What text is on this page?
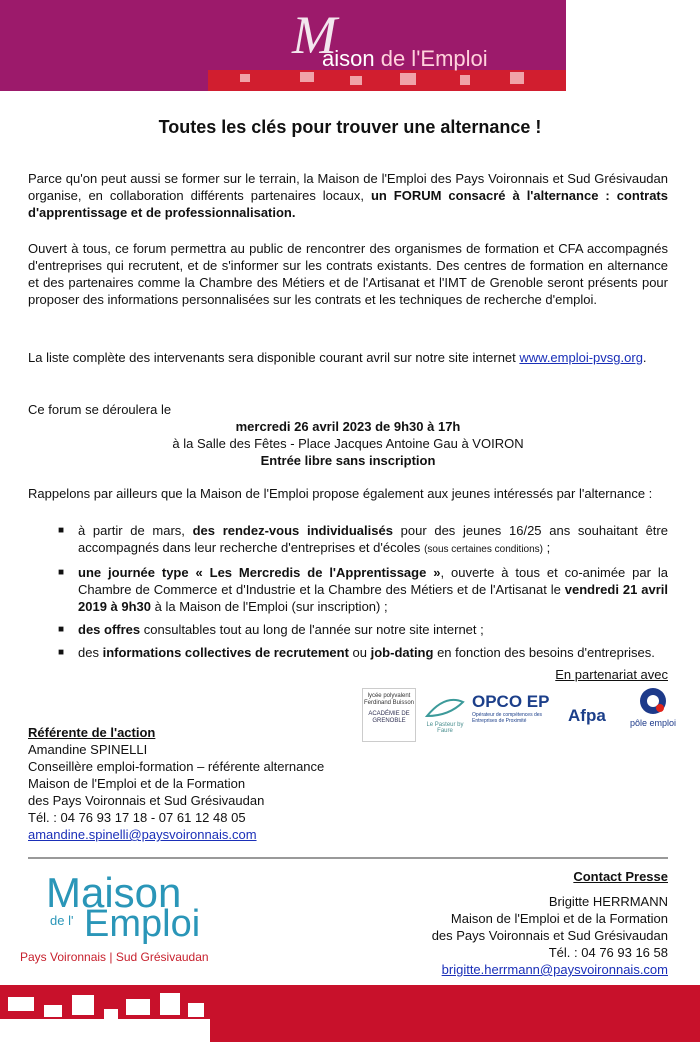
M
aison de l'Emploi
Toutes les clés pour trouver une alternance !

Parce qu'on peut aussi se former sur le terrain, la Maison de l'Emploi des Pays Voironnais et Sud Grésivaudan organise, en collaboration différents partenaires locaux, un FORUM consacré à l'alternance : contrats d'apprentissage et de professionnalisation.

Ouvert à tous, ce forum permettra au public de rencontrer des organismes de formation et CFA accompagnés d'entreprises qui recrutent, et de s'informer sur les contrats existants. Des centres de formation en alternance et des partenaires comme la Chambre des Métiers et de l'Artisanat et l'IMT de Grenoble seront présents pour proposer des informations personnalisées sur les contrats et les techniques de recherche d'emploi.

La liste complète des intervenants sera disponible courant avril sur notre site internet www.emploi-pvsg.org.

Ce forum se déroulera le

mercredi 26 avril 2023 de 9h30 à 17h
à la Salle des Fêtes - Place Jacques Antoine Gau à VOIRON
Entrée libre sans inscription

Rappelons par ailleurs que la Maison de l'Emploi propose également aux jeunes intéressés par l'alternance :

■ à partir de mars, des rendez-vous individualisés pour des jeunes 16/25 ans souhaitant être accompagnés dans leur recherche d'entreprises et d'écoles (sous certaines conditions) ;
■ une journée type « Les Mercredis de l'Apprentissage », ouverte à tous et co-animée par la Chambre de Commerce et d'Industrie et la Chambre des Métiers et de l'Artisanat le vendredi 21 avril 2019 à 9h30 à la Maison de l'Emploi (sur inscription) ;
■ des offres consultables tout au long de l'année sur notre site internet ;
■ des informations collectives de recrutement ou job-dating en fonction des besoins d'entreprises.
En partenariat avec
lycée polyvalent Ferdinand Buisson
ACADÉMIE DE GRENOBLE
Le Pasteur by Faure
OPCO EP
Opérateur de compétences des Entreprises de Proximité	Afpa	pôle emploi
Référente de l'action
Amandine SPINELLI
Conseillère emploi-formation – référente alternance
Maison de l'Emploi et de la Formation
des Pays Voironnais et Sud Grésivaudan
Tél. : 04 76 93 17 18 - 07 61 12 48 05
amandine.spinelli@paysvoironnais.com
Maison
de l' Emploi
Pays Voironnais | Sud Grésivaudan
Contact Presse
Brigitte HERRMANN
Maison de l'Emploi et de la Formation
des Pays Voironnais et Sud Grésivaudan
Tél. : 04 76 93 16 58
brigitte.herrmann@paysvoironnais.com
